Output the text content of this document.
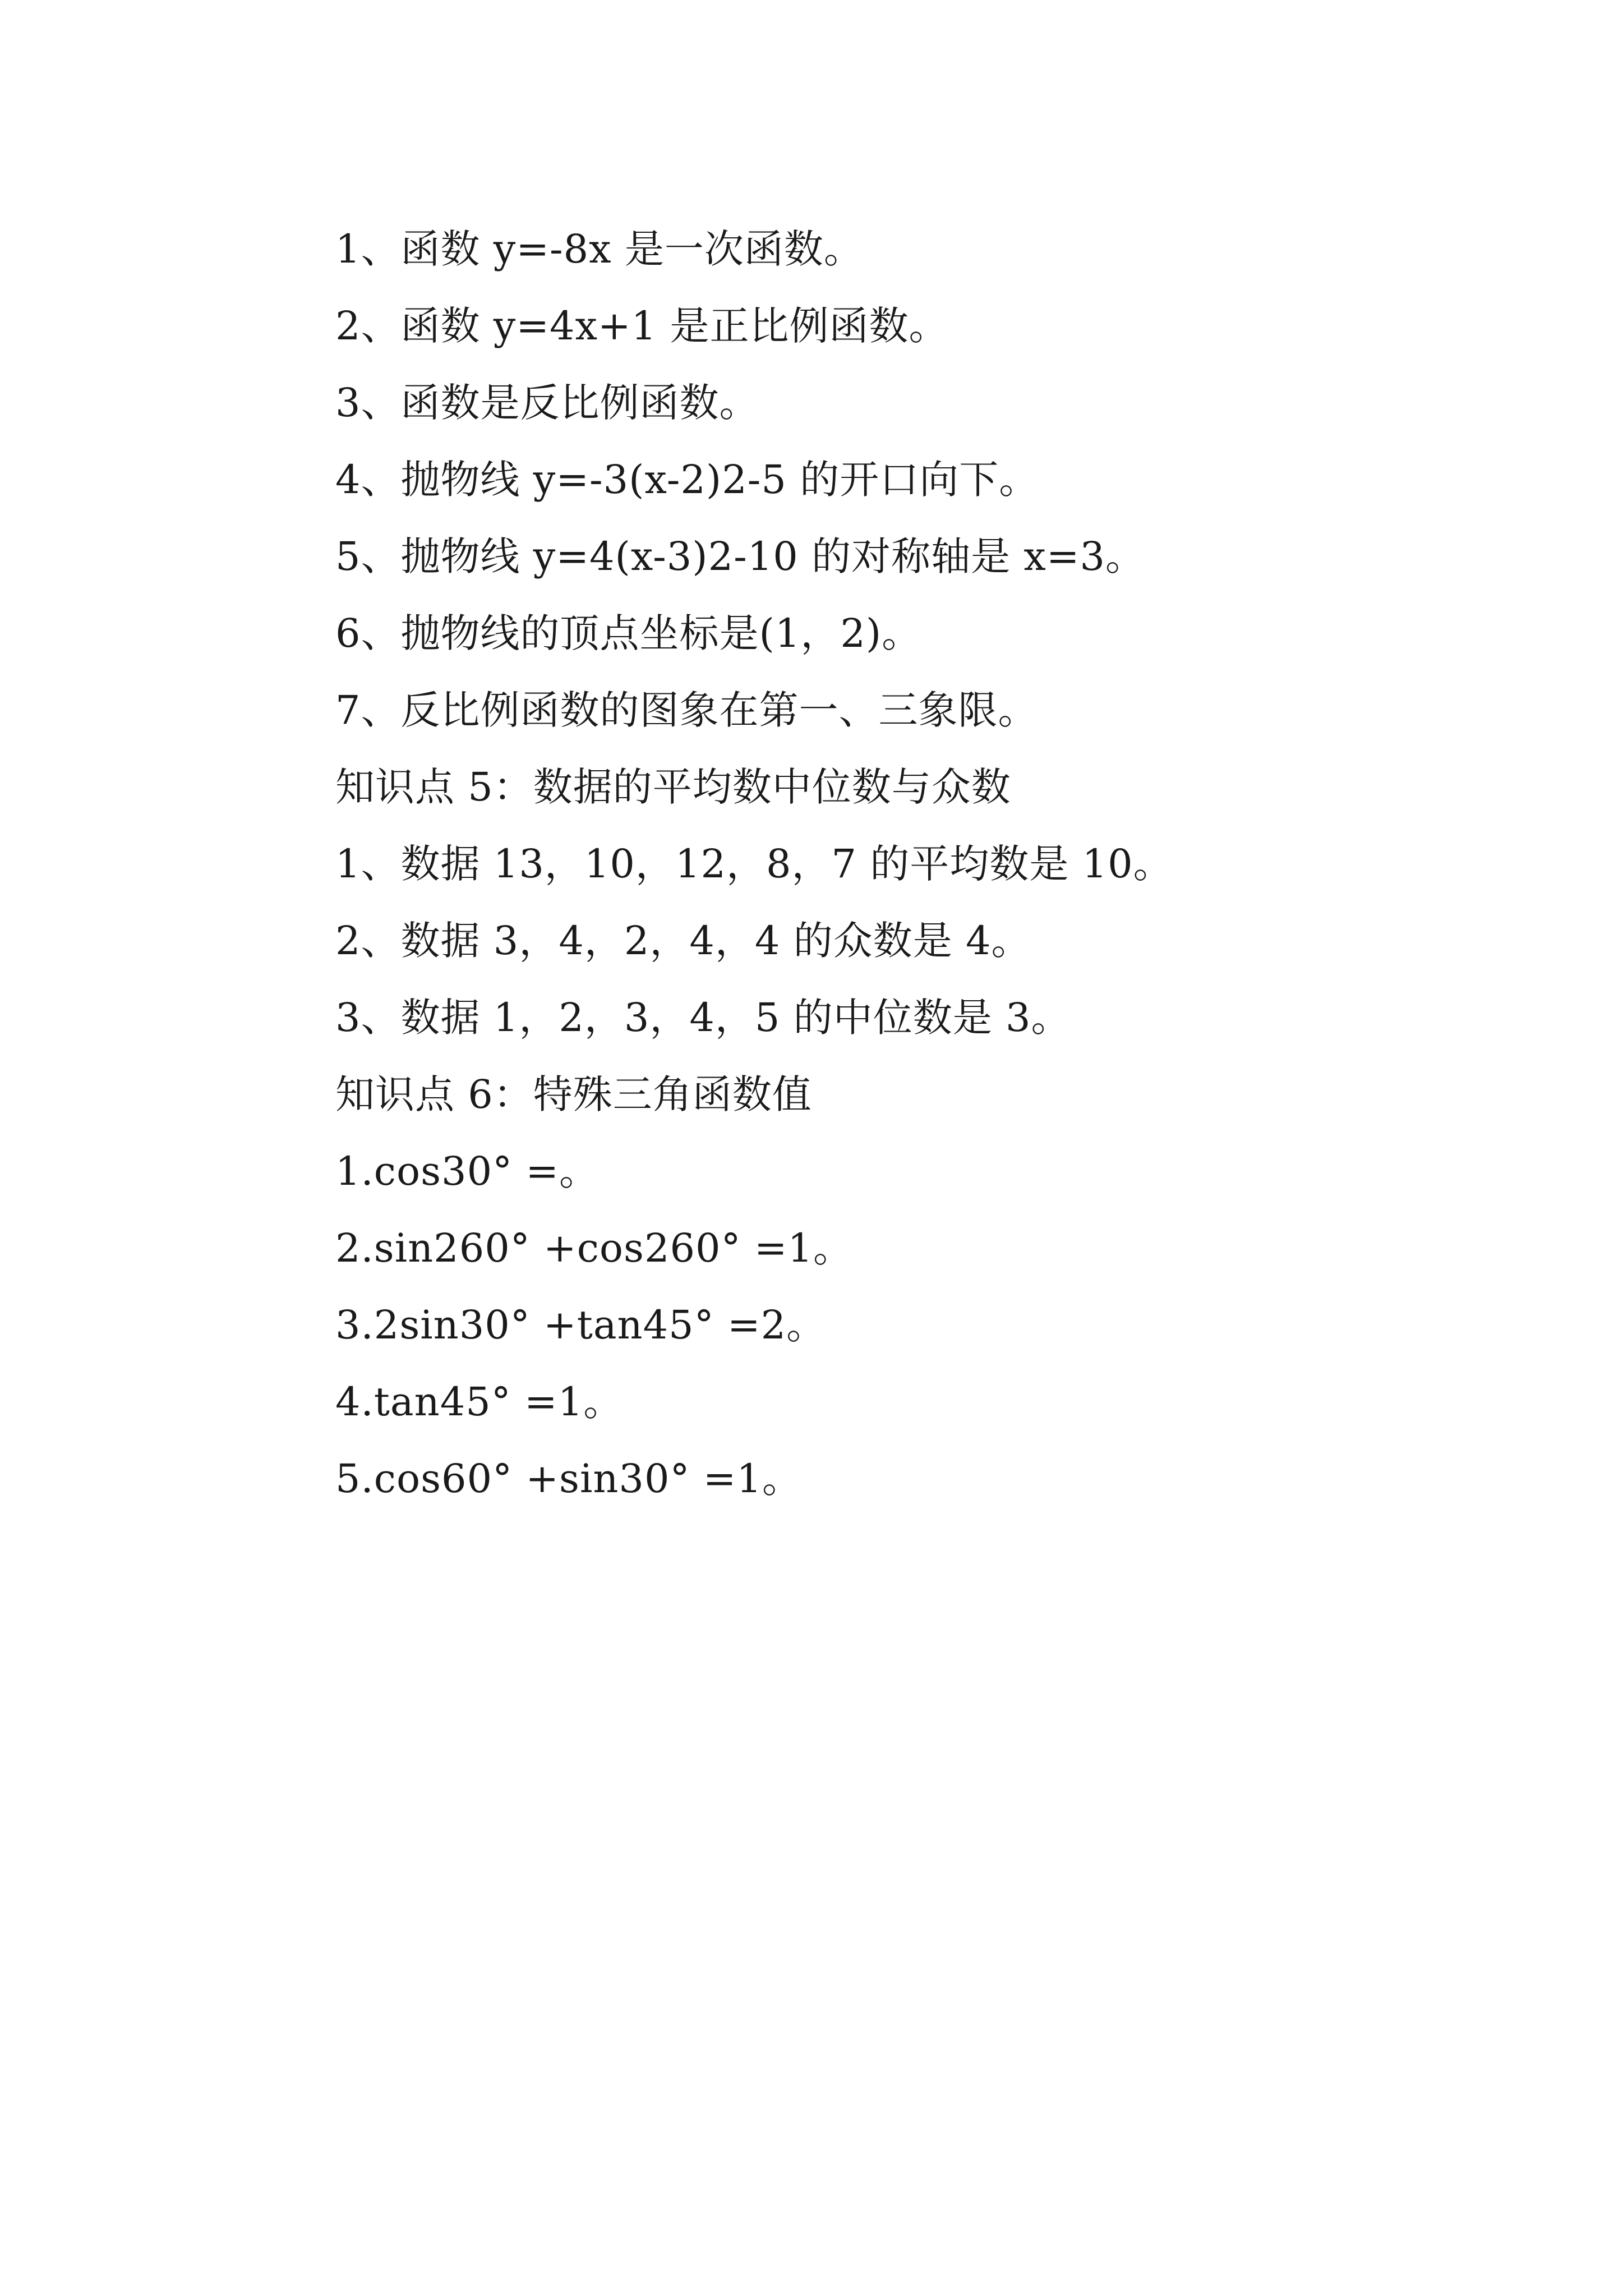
1、函数 y=-8x 是一次函数。
2、函数 y=4x+1 是正比例函数。
3、函数是反比例函数。
4、抛物线 y=-3(x-2)2-5 的开口向下。
5、抛物线 y=4(x-3)2-10 的对称轴是 x=3。
6、抛物线的顶点坐标是(1，2)。
7、反比例函数的图象在第一、三象限。
知识点 5：数据的平均数中位数与众数
1、数据 13，10，12，8，7 的平均数是 10。
2、数据 3，4，2，4，4 的众数是 4。
3、数据 1，2，3，4，5 的中位数是 3。
知识点 6：特殊三角函数值
1.cos30° =。
2.sin260° +cos260° =1。
3.2sin30° +tan45° =2。
4.tan45° =1。
5.cos60° +sin30° =1。
